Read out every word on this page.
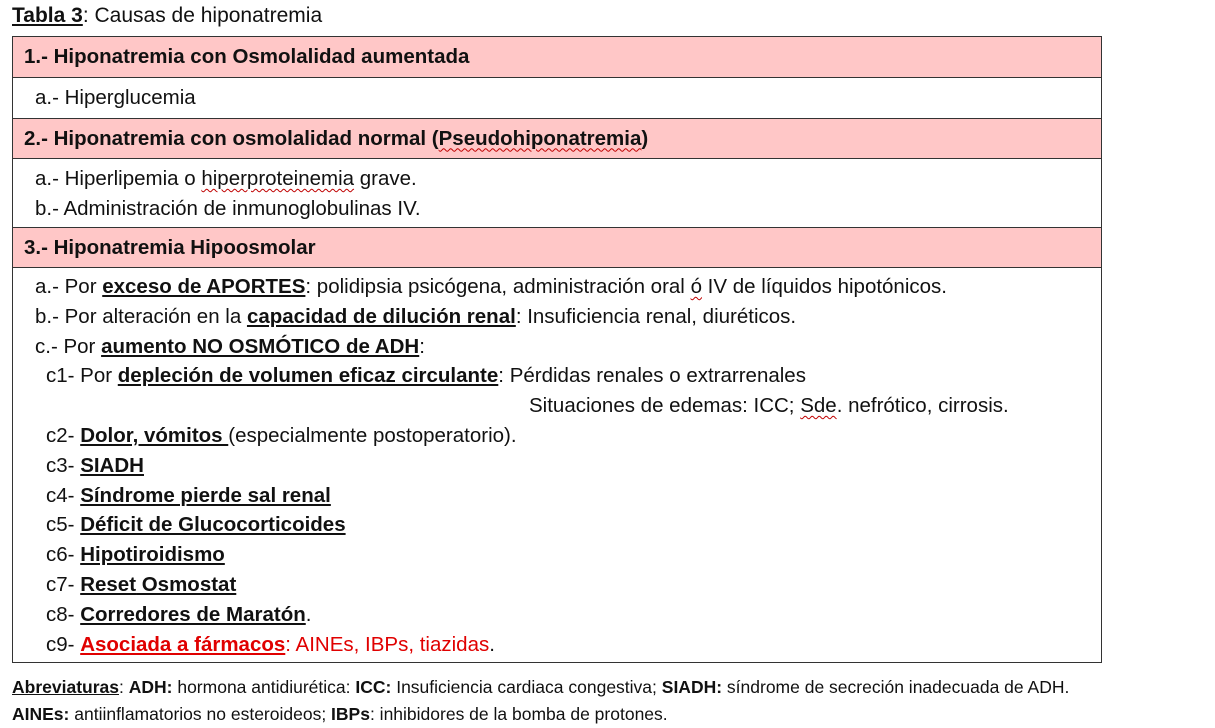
Tabla 3: Causas de hiponatremia
1.- Hiponatremia con Osmolalidad aumentada
a.- Hiperglucemia
2.- Hiponatremia con osmolalidad normal (Pseudohiponatremia)
a.- Hiperlipemia o hiperproteinemia grave.
b.- Administración de inmunoglobulinas IV.
3.- Hiponatremia Hipoosmolar
a.- Por exceso de APORTES: polidipsia psicógena, administración oral ó IV de líquidos hipotónicos.
b.- Por alteración en la capacidad de dilución renal: Insuficiencia renal, diuréticos.
c.- Por aumento NO OSMÓTICO de ADH:
c1- Por depleción de volumen eficaz circulante: Pérdidas renales o extrarrenales
Situaciones de edemas: ICC; Sde. nefrótico, cirrosis.
c2- Dolor, vómitos (especialmente postoperatorio).
c3- SIADH
c4- Síndrome pierde sal renal
c5- Déficit de Glucocorticoides
c6- Hipotiroidismo
c7- Reset Osmostat
c8- Corredores de Maratón.
c9- Asociada a fármacos: AINEs, IBPs, tiazidas.
Abreviaturas: ADH: hormona antidiurética: ICC: Insuficiencia cardiaca congestiva; SIADH: síndrome de secreción inadecuada de ADH.
AINEs: antiinflamatorios no esteroideos; IBPs: inhibidores de la bomba de protones.
